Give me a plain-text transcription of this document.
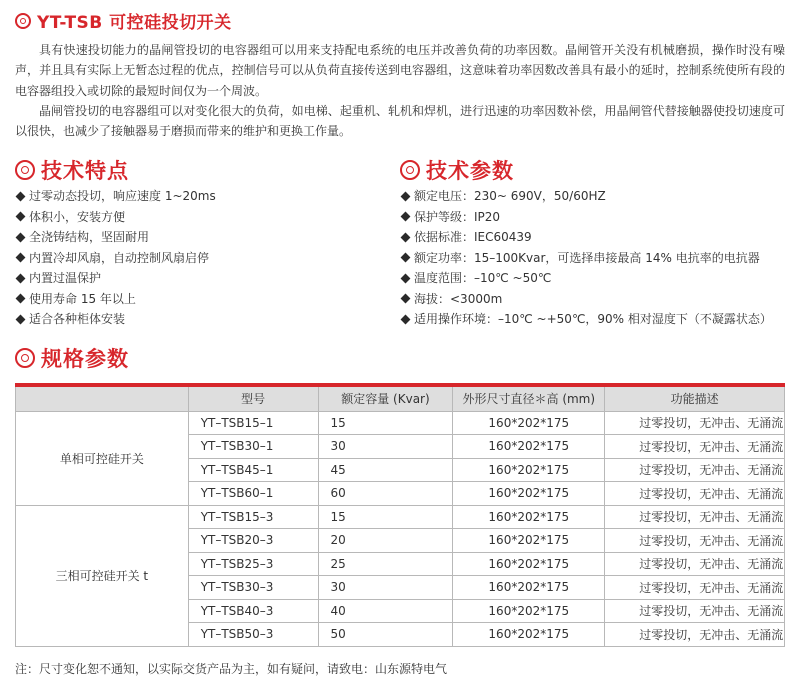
YT-TSB 可控硅投切开关

具有快速投切能力的晶闸管投切的电容器组可以用来支持配电系统的电压并改善负荷的功率因数。晶闸管开关没有机械磨损，操作时没有噪声，并且具有实际上无暂态过程的优点，控制信号可以从负荷直接传送到电容器组，这意味着功率因数改善具有最小的延时，控制系统使所有段的电容器组投入或切除的最短时间仅为一个周波。

晶闸管投切的电容器组可以对变化很大的负荷，如电梯、起重机、轧机和焊机，进行迅速的功率因数补偿，用晶闸管代替接触器使投切速度可以很快，也减少了接触器易于磨损而带来的维护和更换工作量。

技术特点
过零动态投切，响应速度 1~20ms
体积小，安装方便
全浇铸结构，坚固耐用
内置冷却风扇，自动控制风扇启停
内置过温保护
使用寿命 15 年以上
适合各种柜体安装
技术参数
额定电压：230~ 690V，50/60HZ
保护等级：IP20
依据标准：IEC60439
额定功率：15–100Kvar，可选择串接最高 14% 电抗率的电抗器
温度范围：–10℃ ~50℃
海拔：<3000m
适用操作环境：–10℃ ~+50℃，90% 相对湿度下（不凝露状态）
规格参数
	型号	额定容量 (Kvar)	外形尺寸直径＊高 (mm)	功能描述
单相可控硅开关	YT–TSB15–1	15	160*202*175	过零投切，无冲击、无涌流
	YT–TSB30–1	30	160*202*175	过零投切，无冲击、无涌流
	YT–TSB45–1	45	160*202*175	过零投切，无冲击、无涌流
	YT–TSB60–1	60	160*202*175	过零投切，无冲击、无涌流
三相可控硅开关 t	YT–TSB15–3	15	160*202*175	过零投切，无冲击、无涌流
	YT–TSB20–3	20	160*202*175	过零投切，无冲击、无涌流
	YT–TSB25–3	25	160*202*175	过零投切，无冲击、无涌流
	YT–TSB30–3	30	160*202*175	过零投切，无冲击、无涌流
	YT–TSB40–3	40	160*202*175	过零投切，无冲击、无涌流
	YT–TSB50–3	50	160*202*175	过零投切，无冲击、无涌流
注：尺寸变化恕不通知，以实际交货产品为主，如有疑问，请致电：山东源特电气
